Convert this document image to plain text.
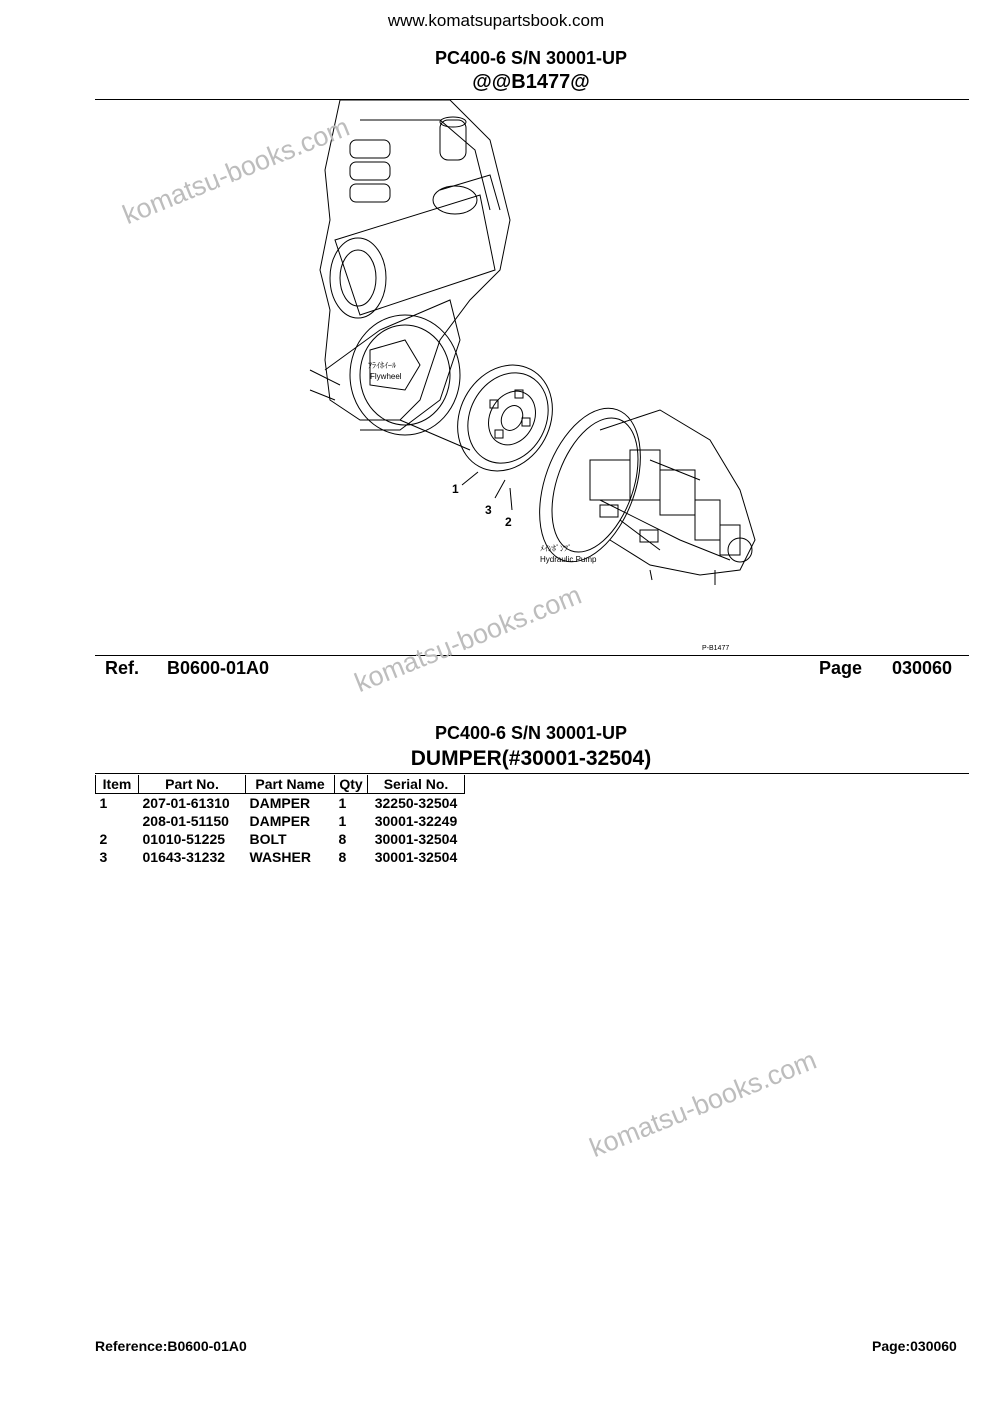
www.komatsupartsbook.com
PC400-6 S/N 30001-UP
@@B1477@
1
3
2
ﾌﾗｲﾎｲｰﾙ
Flywheel
ﾒｲﾝﾎﾟﾝﾌﾟ
Hydraulic Pump
P-B1477
Ref. B0600-01A0	Page 030060
PC400-6 S/N 30001-UP
DUMPER(#30001-32504)
Item	Part No.	Part Name	Qty	Serial No.
1	207-01-61310	DAMPER	1	32250-32504
	208-01-51150	DAMPER	1	30001-32249
2	01010-51225	BOLT	8	30001-32504
3	01643-31232	WASHER	8	30001-32504
komatsu-books.com
komatsu-books.com
komatsu-books.com
Reference:B0600-01A0	Page:030060
